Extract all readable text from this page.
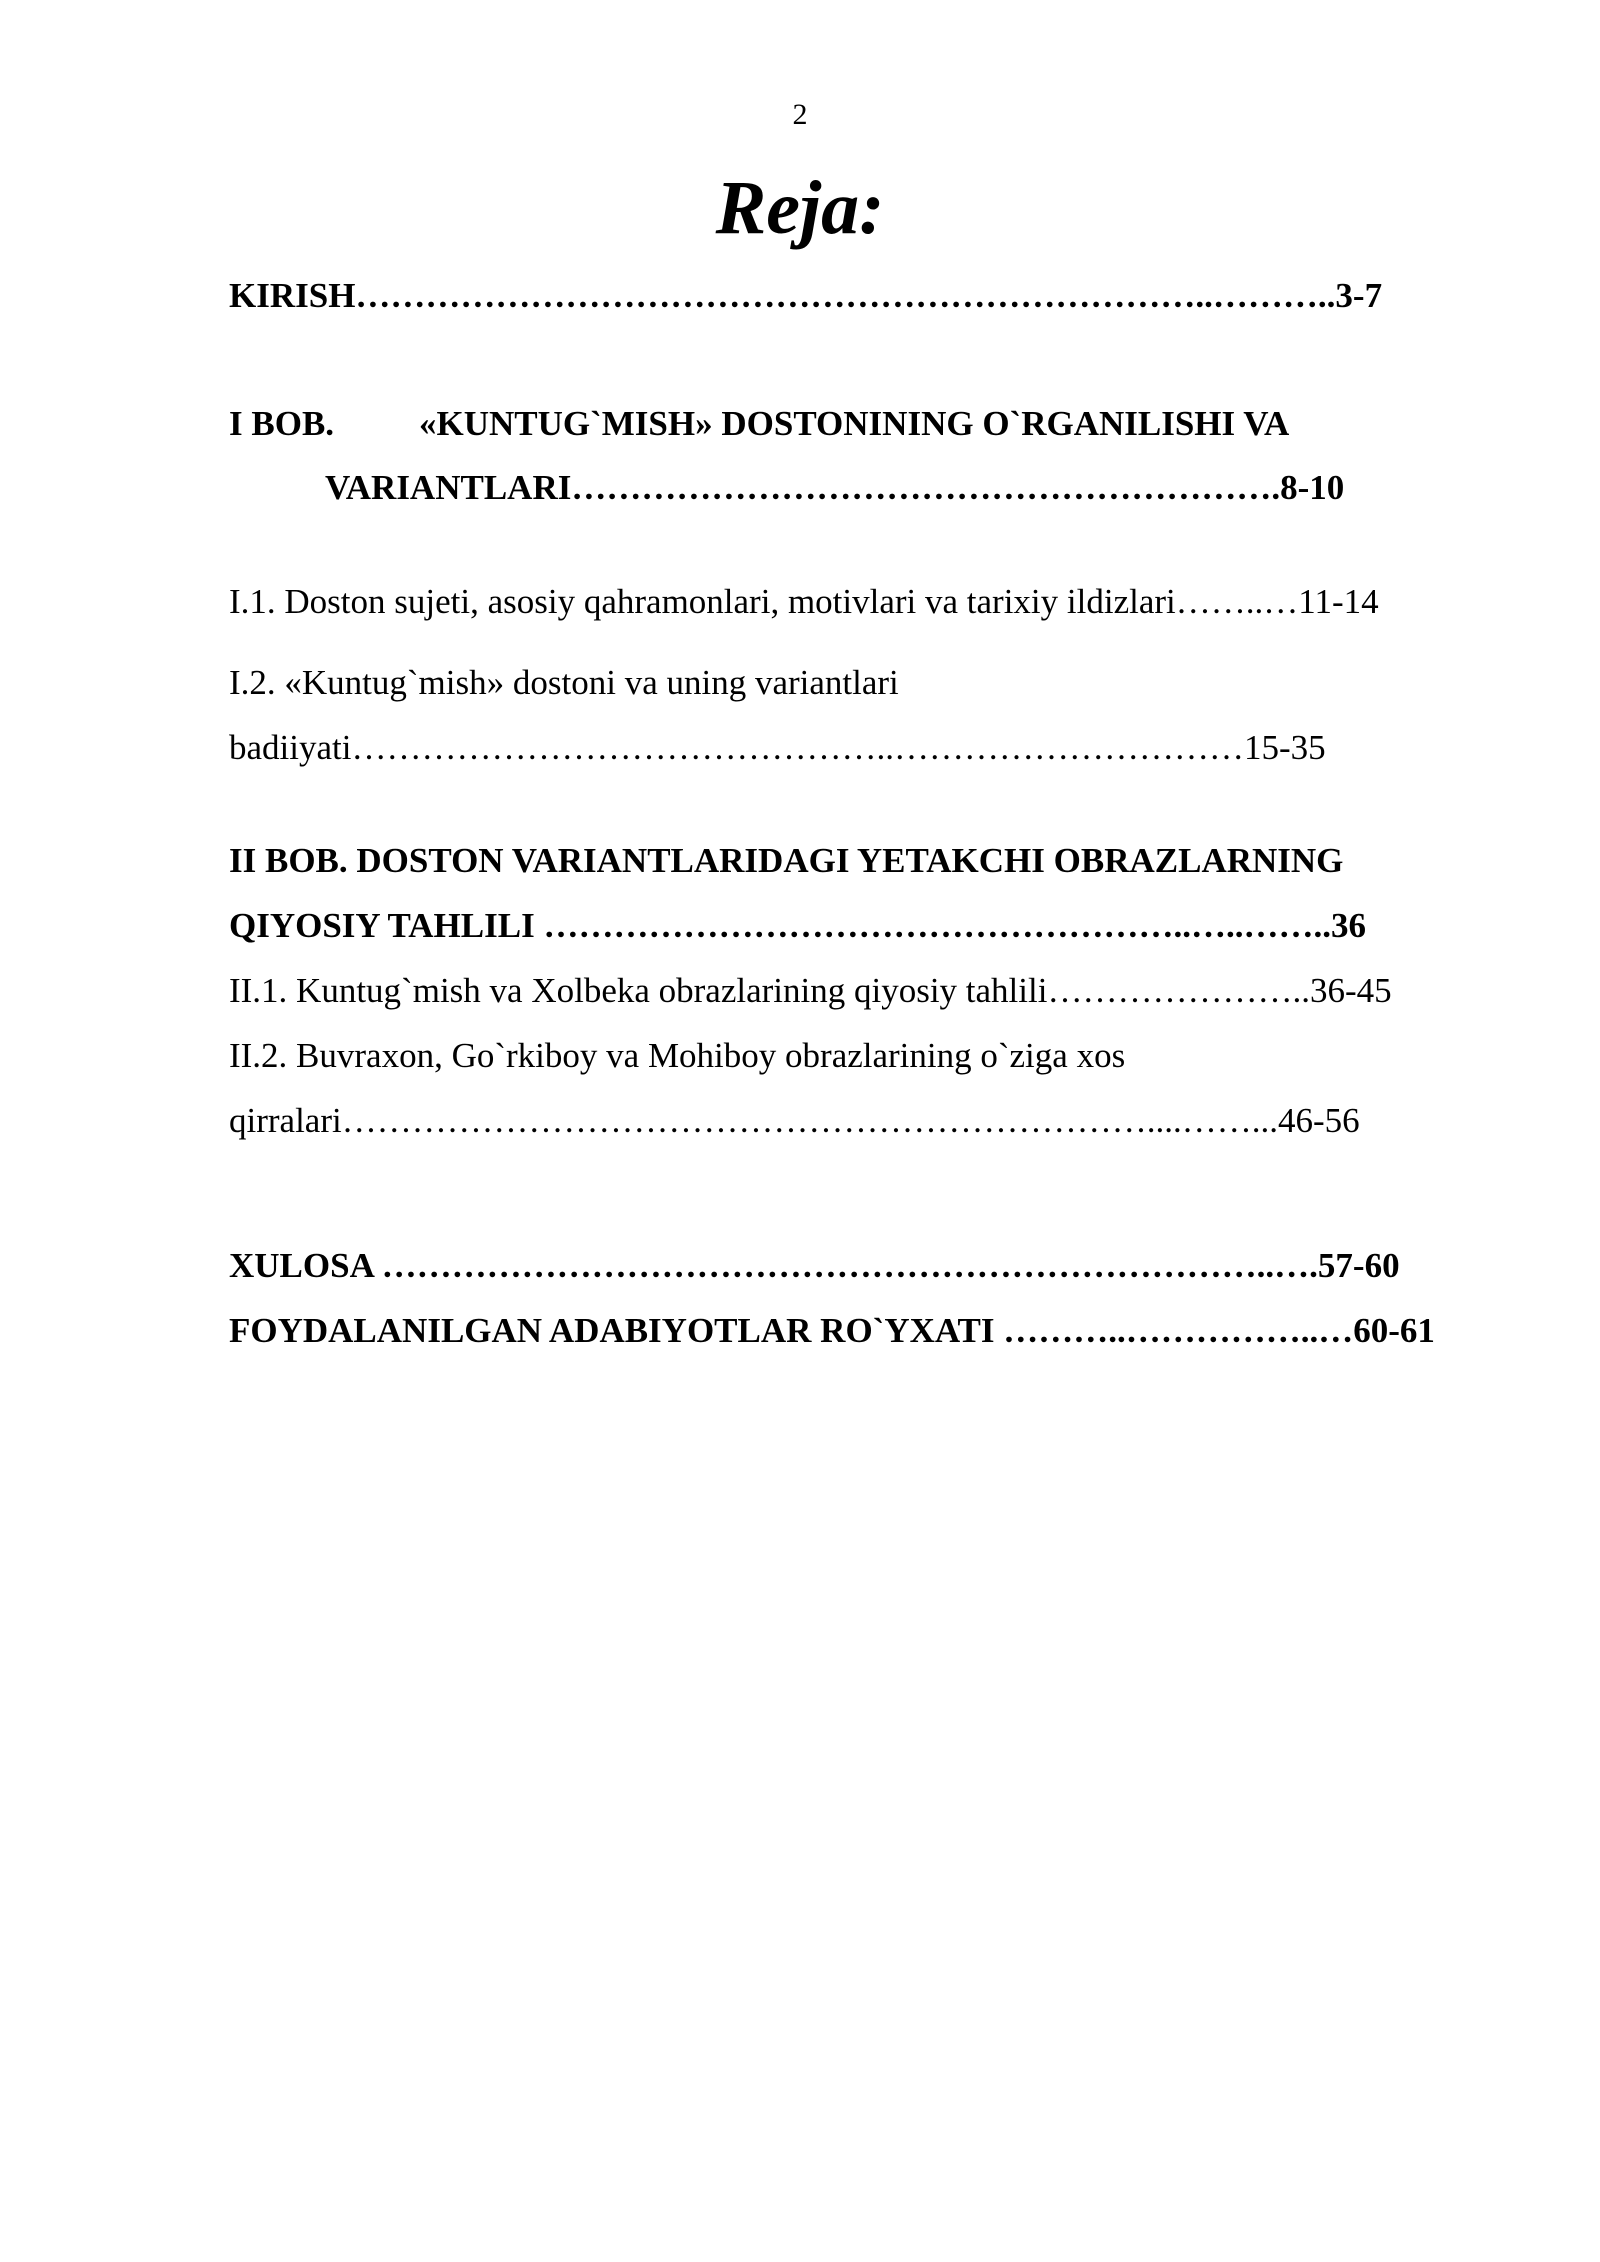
2
Reja:
KIRISH………………………………………………………………..………..3-7
I BOB. «KUNTUG`MISH» DOSTONINING O`RGANILISHI VA
VARIANTLARI…………………………………………………….8-10
I.1. Doston sujeti, asosiy qahramonlari, motivlari va tarixiy ildizlari……..…11-14
I.2. «Kuntug`mish» dostoni va uning variantlari
badiiyati………………………………………..…………………………15-35
II BOB. DOSTON VARIANTLARIDAGI YETAKCHI OBRAZLARNING
QIYOSIY TAHLILI ………………………………………………..…..……..36
II.1. Kuntug`mish va Xolbeka obrazlarining qiyosiy tahlili…………………..36-45
II.2. Buvraxon, Go`rkiboy va Mohiboy obrazlarining o`ziga xos
qirralari……………………………………………………………....……...46-56
XULOSA …………………………………………………………………..….57-60
FOYDALANILGAN ADABIYOTLAR RO`YXATI ………..……………..…60-61
